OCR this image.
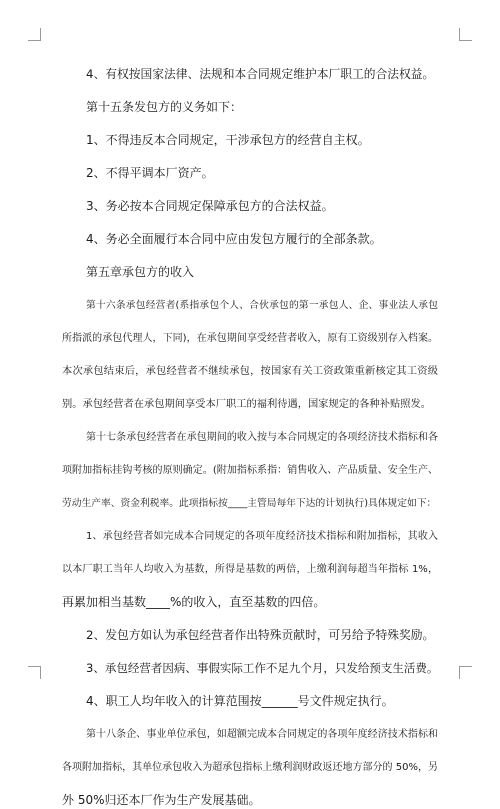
4、有权按国家法律、法规和本合同规定维护本厂职工的合法权益。

第十五条发包方的义务如下：

1、不得违反本合同规定，干涉承包方的经营自主权。

2、不得平调本厂资产。

3、务必按本合同规定保障承包方的合法权益。

4、务必全面履行本合同中应由发包方履行的全部条款。

第五章承包方的收入

第十六条承包经营者(系指承包个人、合伙承包的第一承包人、企、事业法人承包

所指派的承包代理人，下同)，在承包期间享受经营者收入，原有工资级别存入档案。

本次承包结束后，承包经营者不继续承包，按国家有关工资政策重新核定其工资级

别。承包经营者在承包期间享受本厂职工的福利待遇，国家规定的各种补贴照发。

第十七条承包经营者在承包期间的收入按与本合同规定的各项经济技术指标和各

项附加指标挂钩考核的原则确定。(附加指标系指：销售收入、产品质量、安全生产、

劳动生产率、资金利税率。此项指标按____主管局每年下达的计划执行)具体规定如下：

1、承包经营者如完成本合同规定的各项年度经济技术指标和附加指标，其收入

以本厂职工当年人均收入为基数，所得是基数的两倍，上缴利润每超当年指标 1%，

再累加相当基数____%的收入，直至基数的四倍。

2、发包方如认为承包经营者作出特殊贡献时，可另给予特殊奖励。

3、承包经营者因病、事假实际工作不足九个月，只发给预支生活费。

4、职工人均年收入的计算范围按______号文件规定执行。

第十八条企、事业单位承包，如超额完成本合同规定的各项年度经济技术指标和

各项附加指标，其单位承包收入为超承包指标上缴利润财政返还地方部分的 50%，另

外 50%归还本厂作为生产发展基础。
